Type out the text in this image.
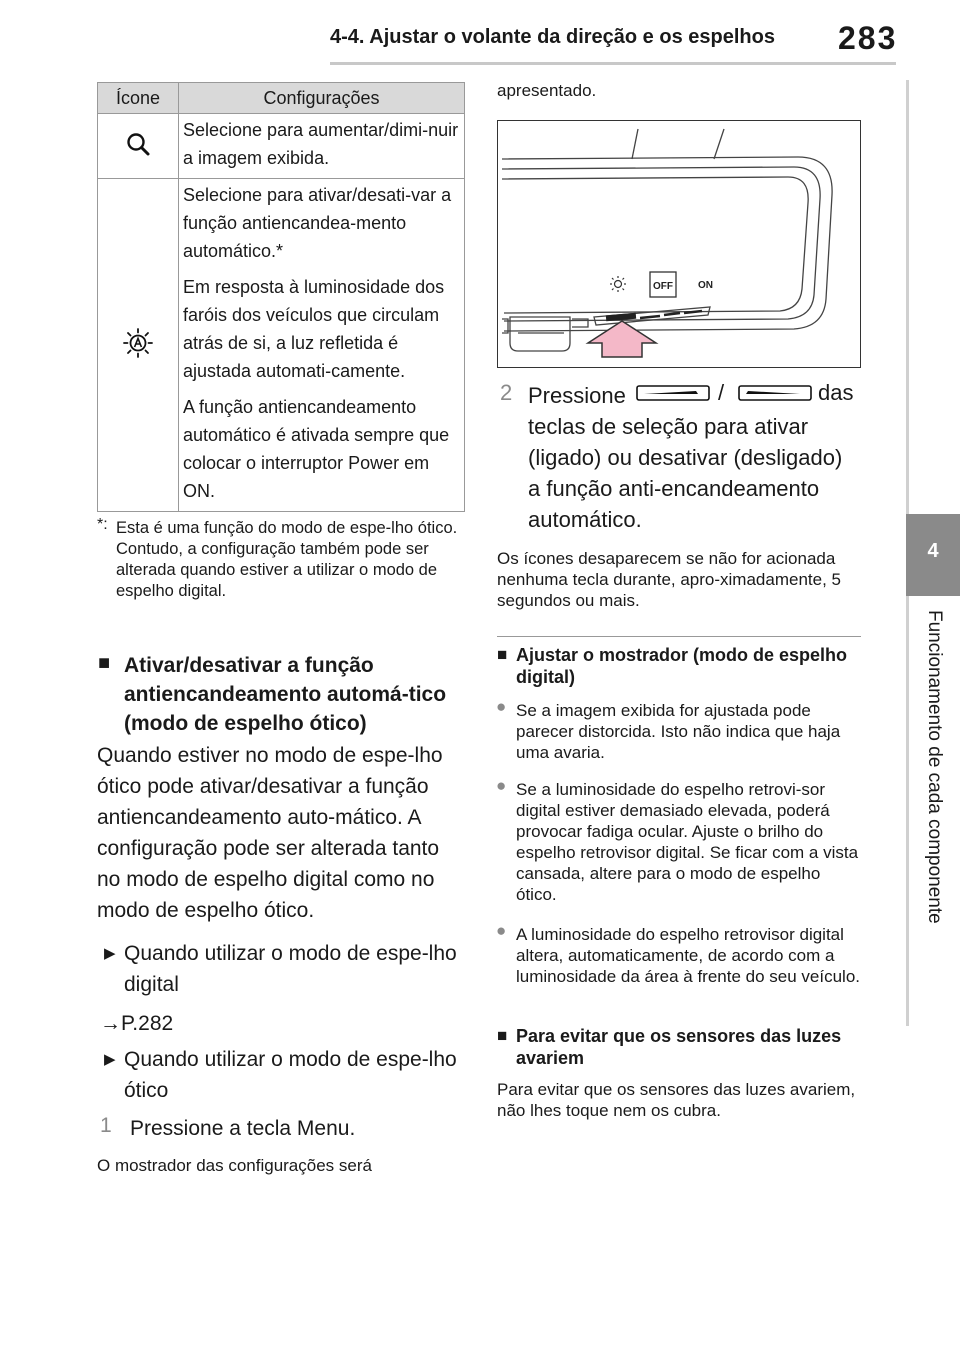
4-4. Ajustar o volante da direção e os espelhos 283
4
Funcionamento de cada componente
Ícone	Configurações

Selecione para aumentar/dimi-nuir a imagem exibida.

Selecione para ativar/desati-var a função antiencandea-mento automático.*

Em resposta à luminosidade dos faróis dos veículos que circulam atrás de si, a luz refletida é ajustada automati-camente.

A função antiencandeamento automático é ativada sempre que colocar o interruptor Power em ON.

*: Esta é uma função do modo de espe-lho ótico. Contudo, a configuração também pode ser alterada quando estiver a utilizar o modo de espelho digital.
■ Ativar/desativar a função antiencandeamento automá-tico (modo de espelho ótico)
Quando estiver no modo de espe-lho ótico pode ativar/desativar a função antiencandeamento auto-mático. A configuração pode ser alterada tanto no modo de espelho digital como no modo de espelho ótico.
▶ Quando utilizar o modo de espe-lho digital
→P.282
▶ Quando utilizar o modo de espe-lho ótico
1 Pressione a tecla Menu.
O mostrador das configurações será
apresentado.
OFF	ON
2 Pressione	/	das
teclas de seleção para ativar (ligado) ou desativar (desligado) a função anti-encandeamento automático.
Os ícones desaparecem se não for acionada nenhuma tecla durante, apro-ximadamente, 5 segundos ou mais.
■ Ajustar o mostrador (modo de espelho digital)
● Se a imagem exibida for ajustada pode parecer distorcida. Isto não indica que haja uma avaria.
● Se a luminosidade do espelho retrovi-sor digital estiver demasiado elevada, poderá provocar fadiga ocular. Ajuste o brilho do espelho retrovisor digital. Se ficar com a vista cansada, altere para o modo de espelho ótico.
● A luminosidade do espelho retrovisor digital altera, automaticamente, de acordo com a luminosidade da área à frente do seu veículo.
■ Para evitar que os sensores das luzes avariem
Para evitar que os sensores das luzes avariem, não lhes toque nem os cubra.
